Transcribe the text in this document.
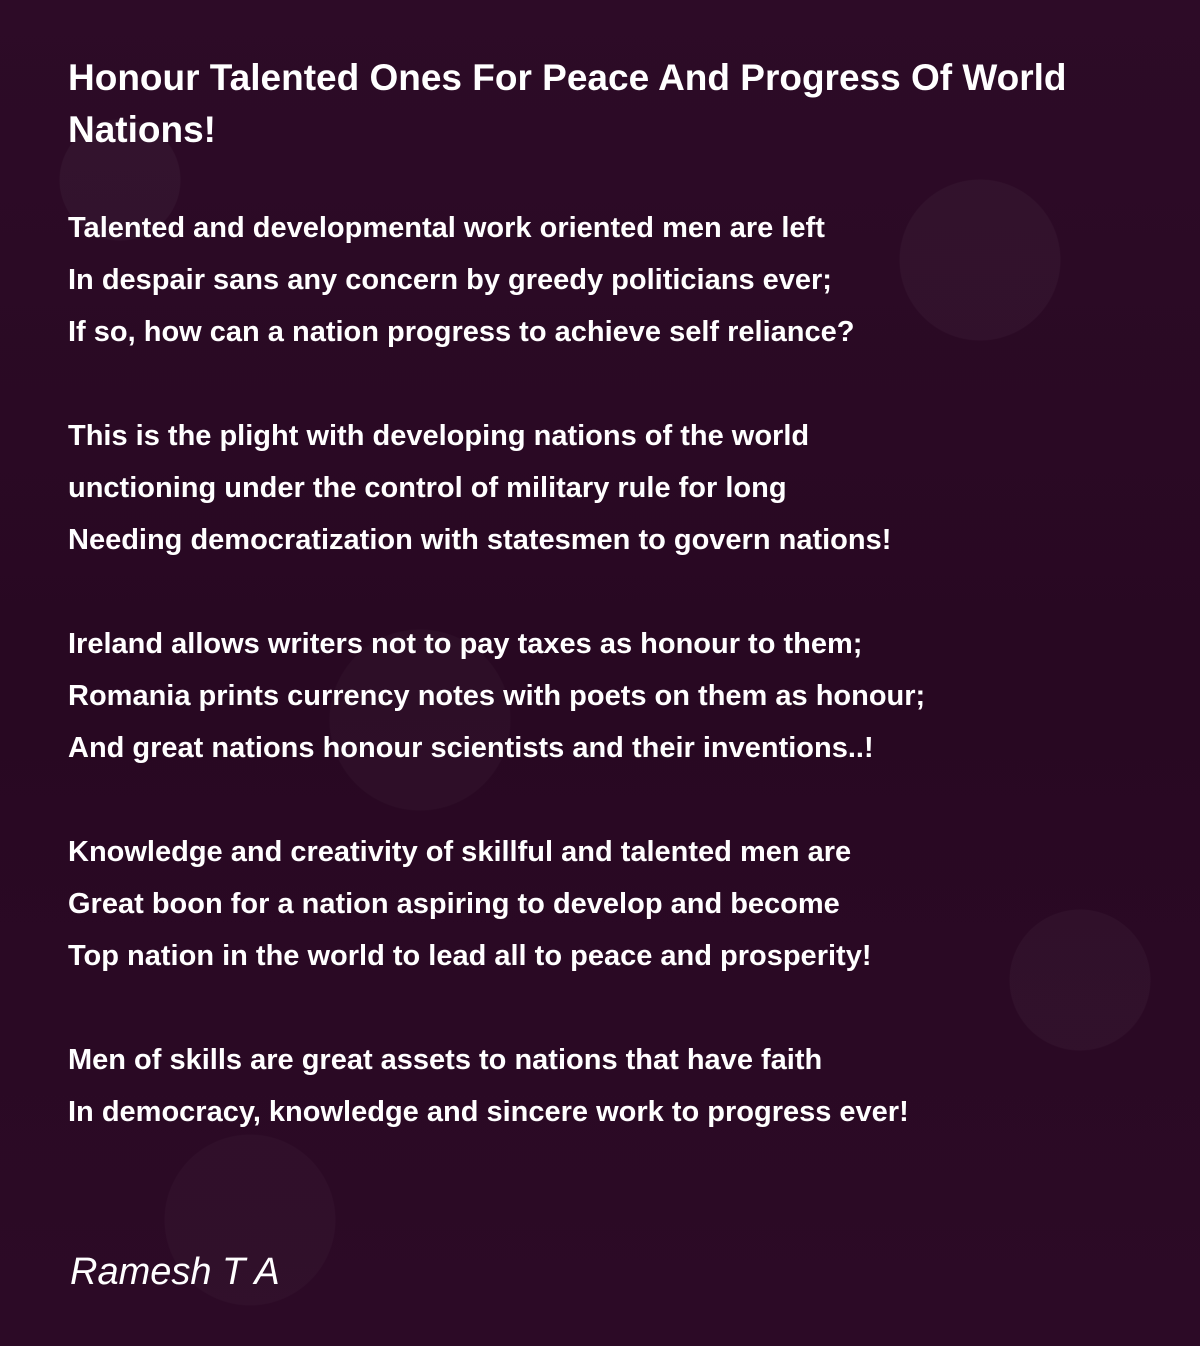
Honour Talented Ones For Peace And Progress Of World Nations!
Talented and developmental work oriented men are left
In despair sans any concern by greedy politicians ever;
If so, how can a nation progress to achieve self reliance?
This is the plight with developing nations of the world
unctioning under the control of military rule for long
Needing democratization with statesmen to govern nations!
Ireland allows writers not to pay taxes as honour to them;
Romania prints currency notes with poets on them as honour;
And great nations honour scientists and their inventions..!
Knowledge and creativity of skillful and talented men are
Great boon for a nation aspiring to develop and become
Top nation in the world to lead all to peace and prosperity!
Men of skills are great assets to nations that have faith
In democracy, knowledge and sincere work to progress ever!

Ramesh T A
